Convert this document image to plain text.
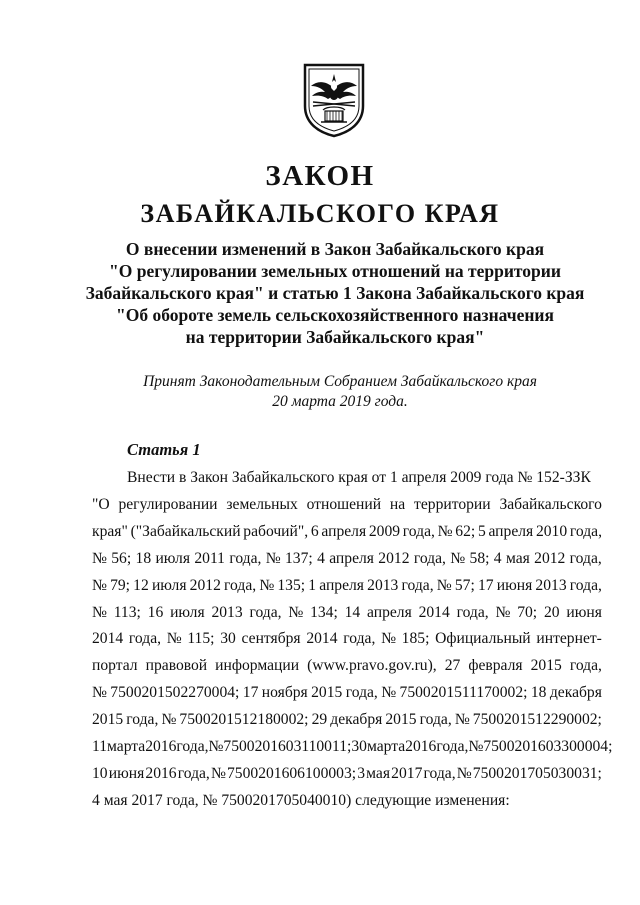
ЗАКОН
ЗАБАЙКАЛЬСКОГО КРАЯ
О внесении изменений в Закон Забайкальского края
"О регулировании земельных отношений на территории
Забайкальского края" и статью 1 Закона Забайкальского края
"Об обороте земель сельскохозяйственного назначения
на территории Забайкальского края"
Принят Законодательным Собранием Забайкальского края
20 марта 2019 года.
Статья 1
Внести в Закон Забайкальского края от 1 апреля 2009 года № 152-ЗЗК
"О регулировании земельных отношений на территории Забайкальского
края" ("Забайкальский рабочий", 6 апреля 2009 года, № 62; 5 апреля 2010 года,
№ 56; 18 июля 2011 года, № 137; 4 апреля 2012 года, № 58; 4 мая 2012 года,
№ 79; 12 июля 2012 года, № 135; 1 апреля 2013 года, № 57; 17 июня 2013 года,
№ 113; 16 июля 2013 года, № 134; 14 апреля 2014 года, № 70; 20 июня
2014 года, № 115; 30 сентября 2014 года, № 185; Официальный интернет-
портал правовой информации (www.pravo.gov.ru), 27 февраля 2015 года,
№ 7500201502270004; 17 ноября 2015 года, № 7500201511170002; 18 декабря
2015 года, № 7500201512180002; 29 декабря 2015 года, № 7500201512290002;
11 марта 2016 года, № 7500201603110011; 30 марта 2016 года, № 7500201603300004;
10 июня 2016 года, № 7500201606100003; 3 мая 2017 года, № 7500201705030031;
4 мая 2017 года, № 7500201705040010) следующие изменения:
